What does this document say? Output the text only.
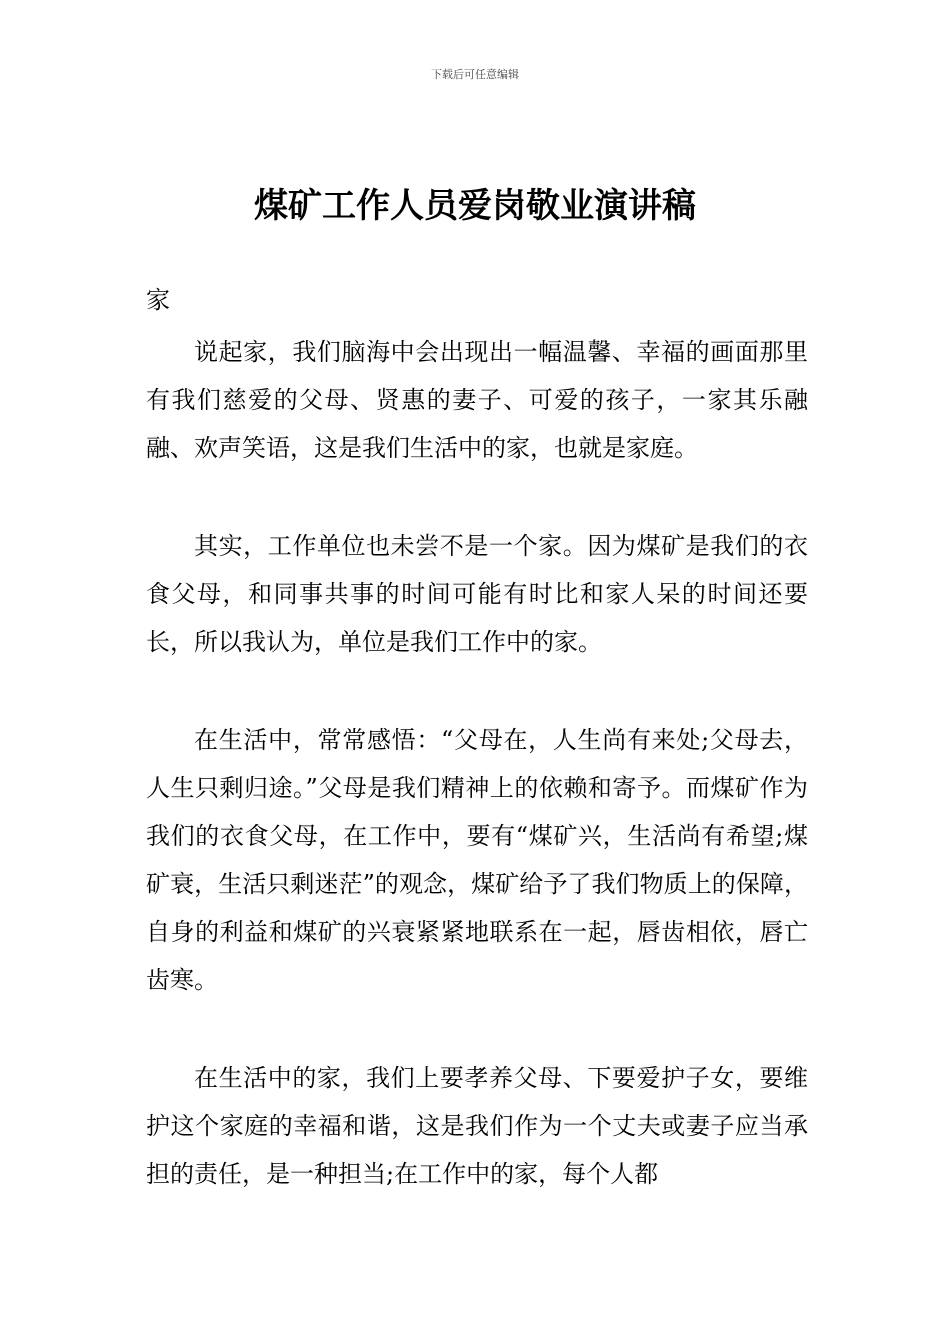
下载后可任意编辑
煤矿工作人员爱岗敬业演讲稿
家

说起家，我们脑海中会出现出一幅温馨、幸福的画面那里有我们慈爱的父母、贤惠的妻子、可爱的孩子，一家其乐融融、欢声笑语，这是我们生活中的家，也就是家庭。

其实，工作单位也未尝不是一个家。因为煤矿是我们的衣食父母，和同事共事的时间可能有时比和家人呆的时间还要长，所以我认为，单位是我们工作中的家。

在生活中，常常感悟：“父母在，人生尚有来处;父母去，人生只剩归途。”父母是我们精神上的依赖和寄予。而煤矿作为我们的衣食父母，在工作中，要有“煤矿兴，生活尚有希望;煤矿衰，生活只剩迷茫”的观念，煤矿给予了我们物质上的保障，自身的利益和煤矿的兴衰紧紧地联系在一起，唇齿相依，唇亡齿寒。

在生活中的家，我们上要孝养父母、下要爱护子女，要维护这个家庭的幸福和谐，这是我们作为一个丈夫或妻子应当承担的责任，是一种担当;在工作中的家，每个人都
